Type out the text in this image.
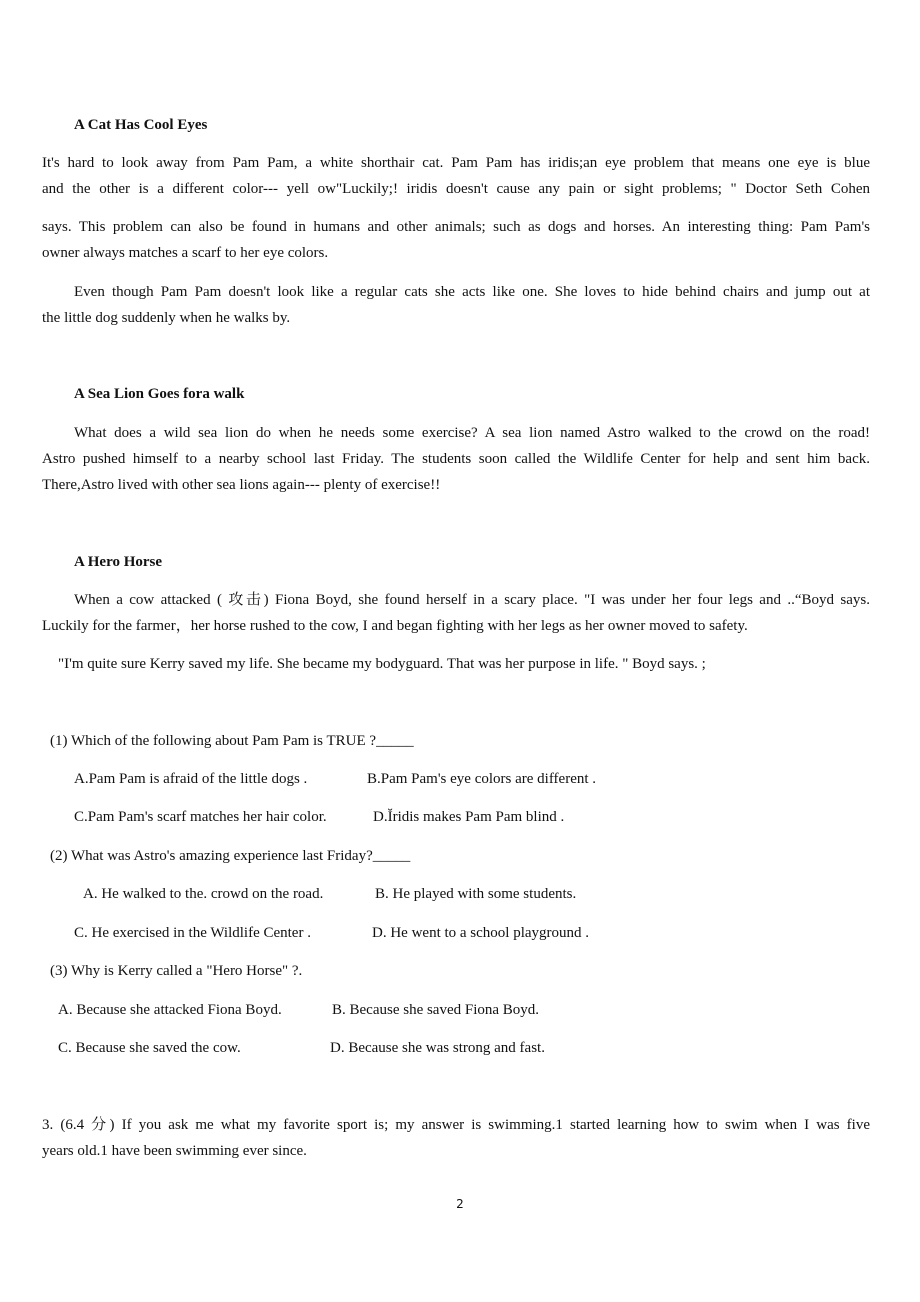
A Cat Has Cool Eyes
It's hard to look away from Pam Pam, a white shorthair cat. Pam Pam has iridis;an eye problem that means one eye is blue
and the other is a different color--- yell ow"Luckily;! iridis doesn't cause any pain or sight problems; " Doctor Seth Cohen
says. This problem can also be found in humans and other animals; such as dogs and horses. An interesting thing: Pam Pam's
owner always matches a scarf to her eye colors.
Even though Pam Pam doesn't look like a regular cats she acts like one. She loves to hide behind chairs and jump out at
the little dog suddenly when he walks by.
A Sea Lion Goes fora walk
What does a wild sea lion do when he needs some exercise? A sea lion named Astro walked to the crowd on the road!
Astro pushed himself to a nearby school last Friday. The students soon called the Wildlife Center for help and sent him back.
There,Astro lived with other sea lions again--- plenty of exercise!!
A Hero Horse
When a cow attacked ( 攻击) Fiona Boyd, she found herself in a scary place. "I was under her four legs and ..“Boyd says.
Luckily for the farmer，her horse rushed to the cow, I and began fighting with her legs as her owner moved to safety.
"I'm quite sure Kerry saved my life. She became my bodyguard. That was her purpose in life. " Boyd says. ;
(1) Which of the following about Pam Pam is TRUE ?_____
A.Pam Pam is afraid of the little dogs .	B.Pam Pam's eye colors are different .
C.Pam Pam's scarf matches her hair color.	D.Ĭridis makes Pam Pam blind .
(2) What was Astro's amazing experience last Friday?_____
A. He walked to the. crowd on the road.	B. He played with some students.
C. He exercised in the Wildlife Center .	D. He went to a school playground .
(3) Why is Kerry called a "Hero Horse" ?.
A. Because she attacked Fiona Boyd.	B. Because she saved Fiona Boyd.
C. Because she saved the cow.	D. Because she was strong and fast.
3. (6.4 分) If you ask me what my favorite sport is; my answer is swimming.1 started learning how to swim when I was five
years old.1 have been swimming ever since.
2
